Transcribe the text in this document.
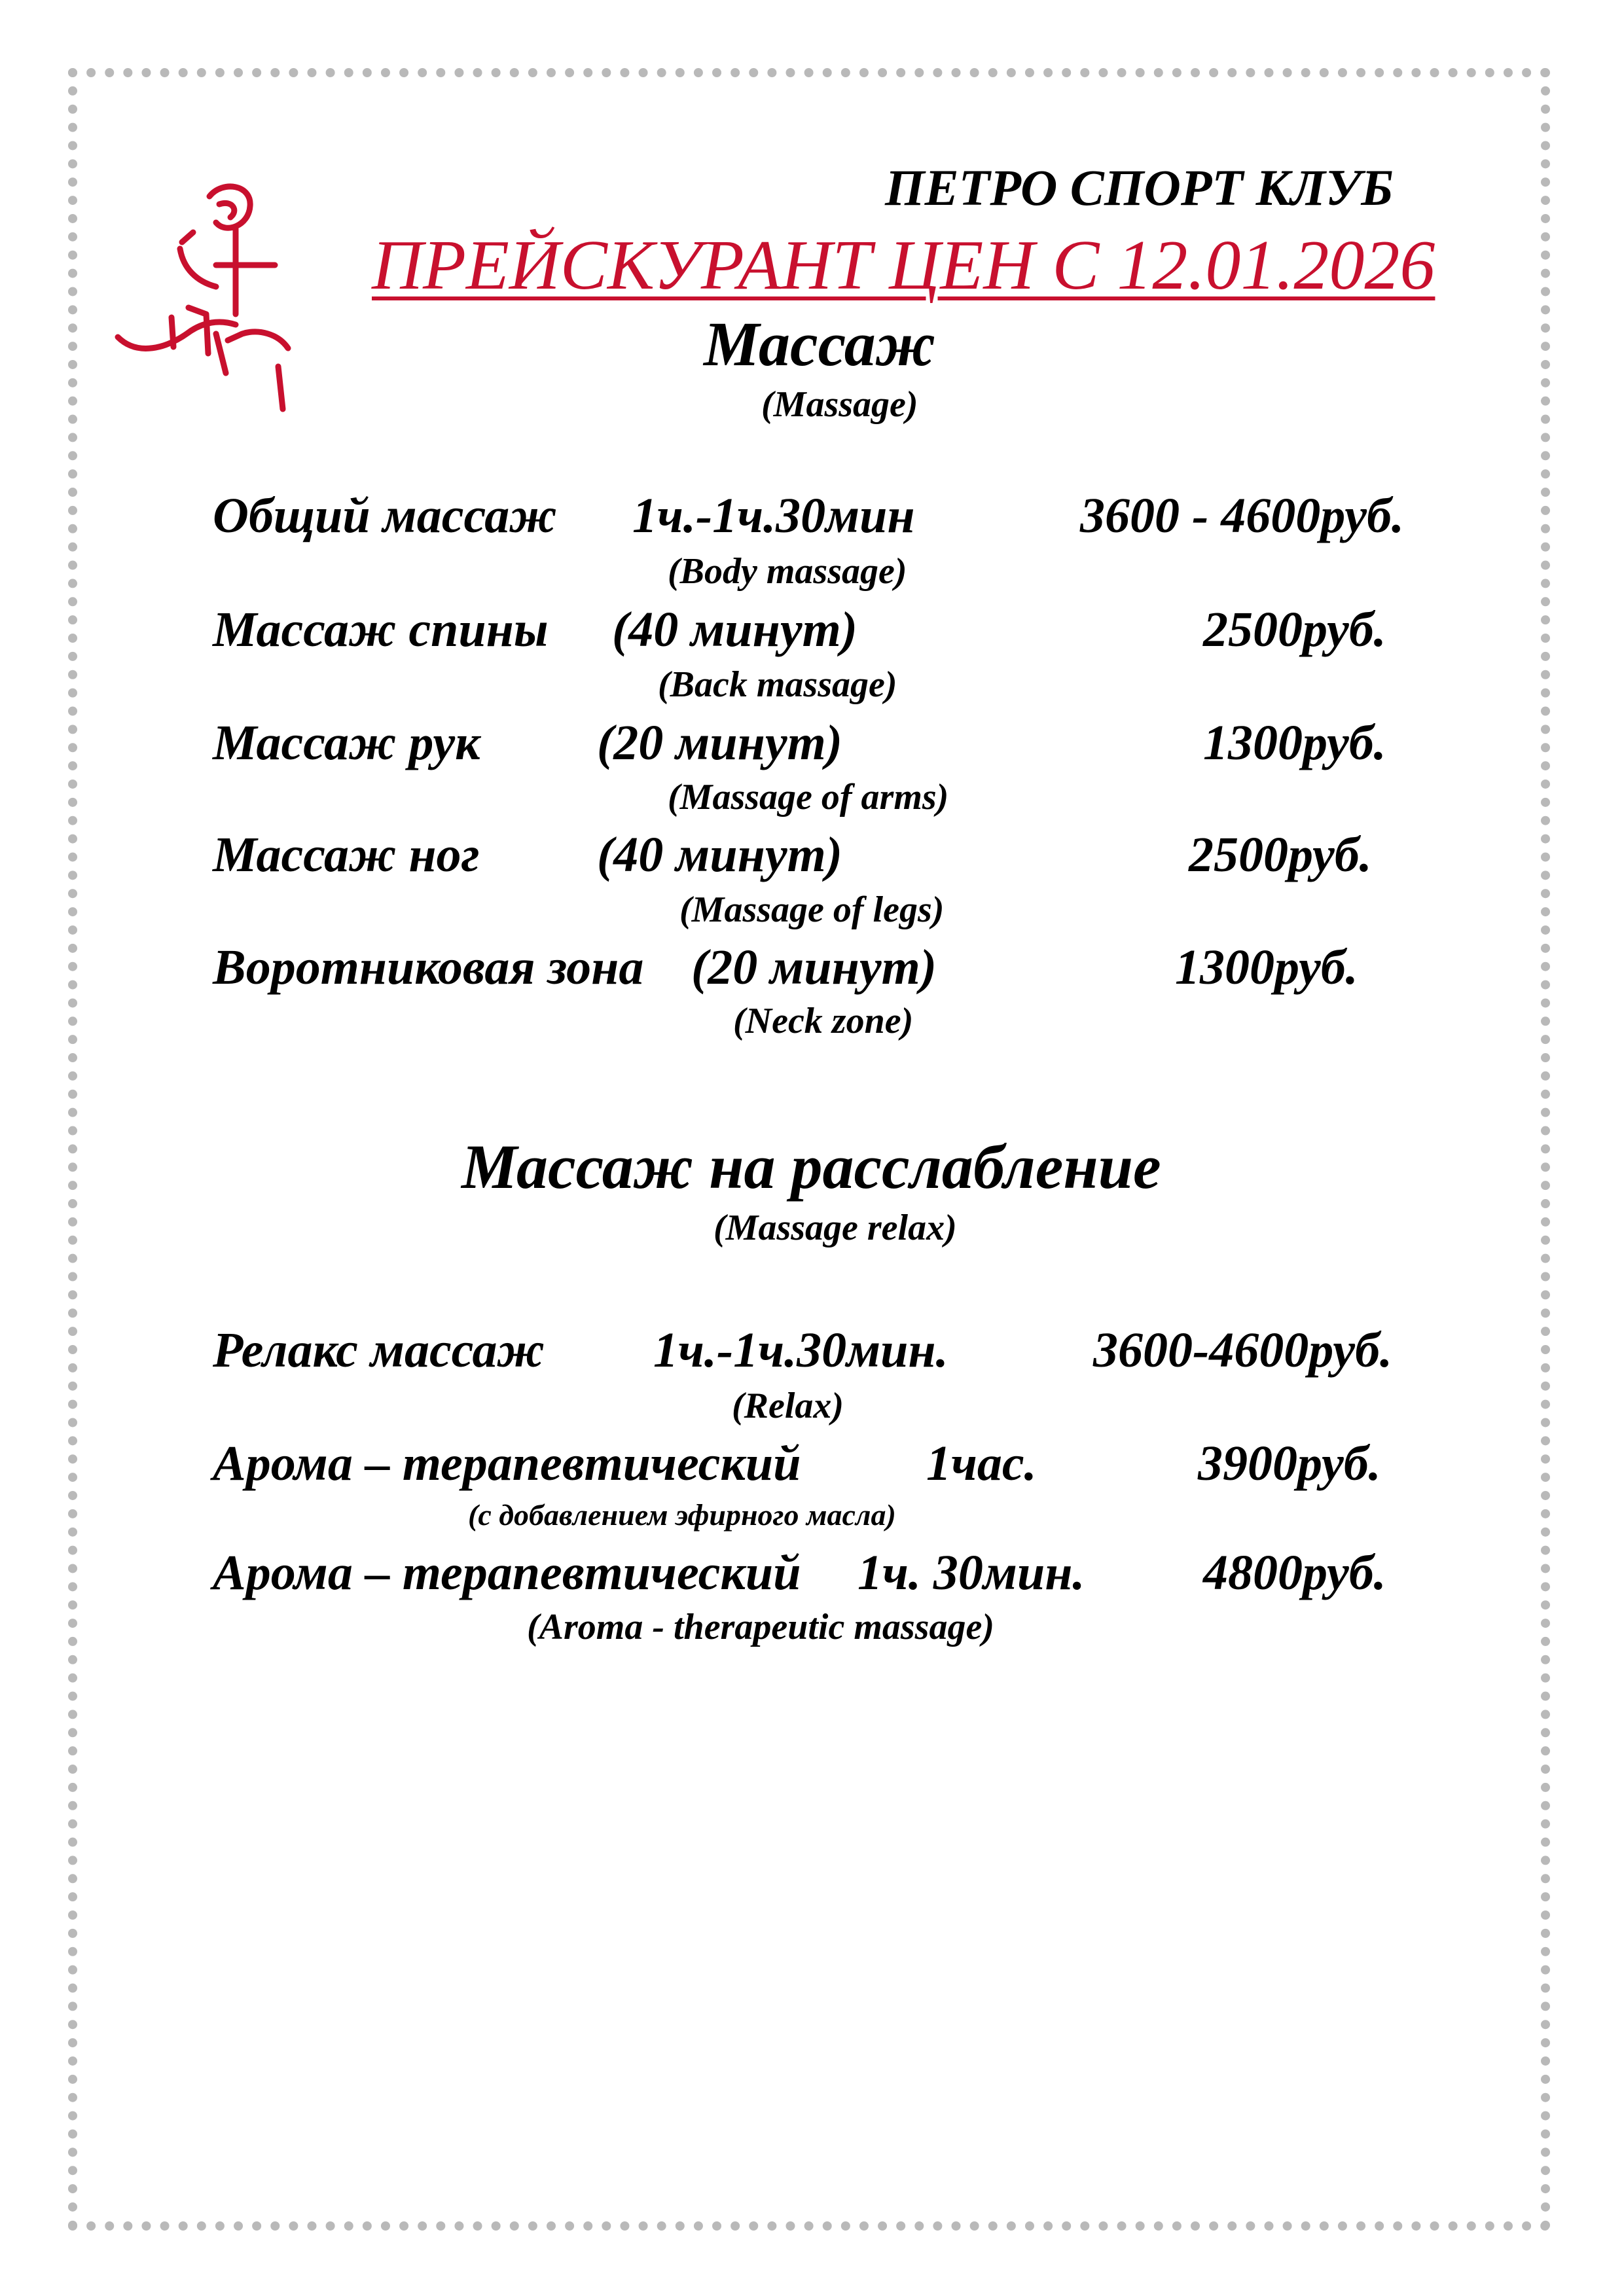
ПЕТРО СПОРТ КЛУБ
ПРЕЙСКУРАНТ ЦЕН С 12.01.2026
Массаж
(Massage)
Общий массаж 1ч.-1ч.30мин	3600 - 4600руб.
(Body massage)
Массаж спины (40 минут)	2500руб.
(Back massage)
Массаж рук (20 минут)	1300руб.
(Massage of arms)
Массаж ног (40 минут)	2500руб.
(Massage of legs)
Воротниковая зона (20 минут)	1300руб.
(Neck zone)
Массаж на расслабление
(Massage relax)
Релакс массаж 1ч.-1ч.30мин.	3600-4600руб.
(Relax)
Арома – терапевтический	1час.	3900руб.
(с добавлением эфирного масла)
Арома – терапевтический 1ч. 30мин. 4800руб.
(Aroma - therapeutic massage)
